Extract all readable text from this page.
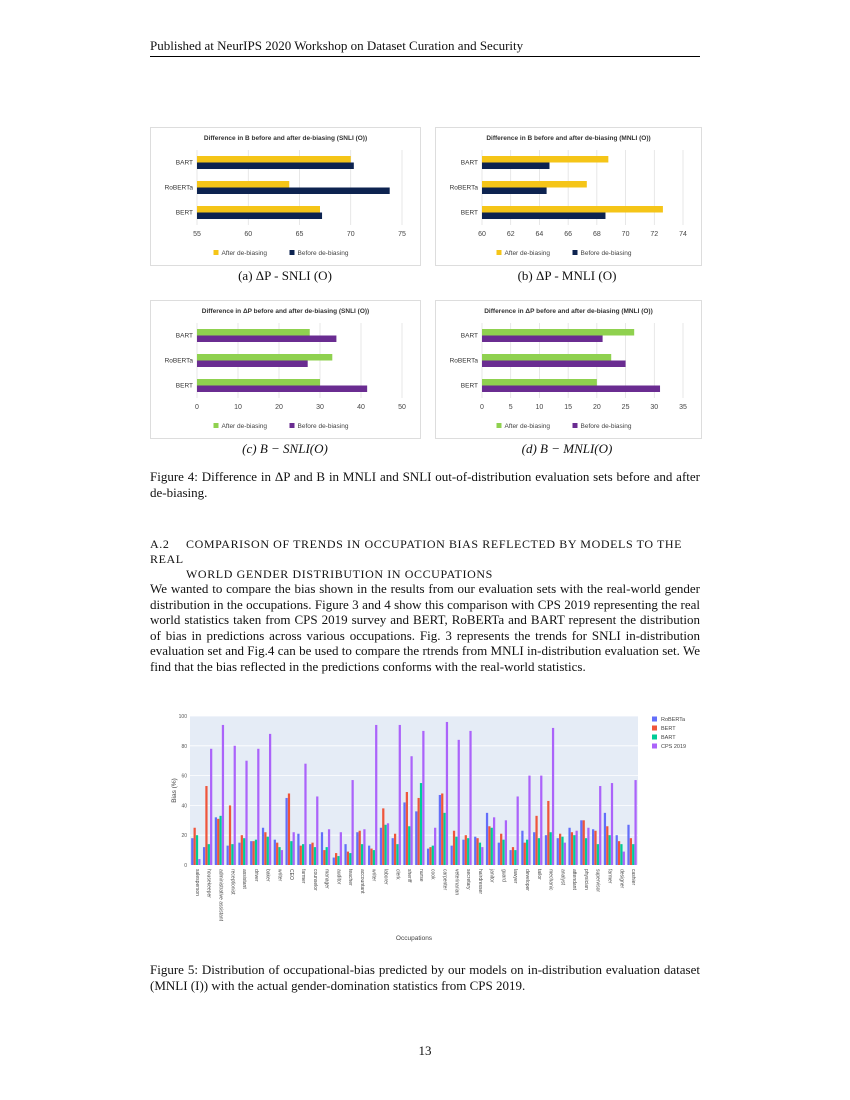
Published at NeurIPS 2020 Workshop on Dataset Curation and Security
Difference in B before and after de-biasing (SNLI (O))
55	60	65	70	75
BART
RoBERTa
BERT
After de-biasing	Before de-biasing
Difference in B before and after de-biasing (MNLI (O))
60	62	64	66	68	70	72	74
BART
RoBERTa
BERT
After de-biasing	Before de-biasing
(a) ΔP - SNLI (O)	(b) ΔP - MNLI (O)
Difference in ΔP before and after de-biasing (SNLI (O))
0	10	20	30	40	50
BART
RoBERTa
BERT
After de-biasing	Before de-biasing
Difference in ΔP before and after de-biasing (MNLI (O))
0	5	10	15	20	25	30	35
BART
RoBERTa
BERT
After de-biasing	Before de-biasing
(c) B − SNLI(O)	(d) B − MNLI(O)
Figure 4: Difference in ΔP and B in MNLI and SNLI out-of-distribution evaluation sets before and after de-biasing.
A.2 COMPARISON OF TRENDS IN OCCUPATION BIAS REFLECTED BY MODELS TO THE REAL
WORLD GENDER DISTRIBUTION IN OCCUPATIONS
We wanted to compare the bias shown in the results from our evaluation sets with the real-world gender distribution in the occupations. Figure 3 and 4 show this comparison with CPS 2019 representing the real world statistics taken from CPS 2019 survey and BERT, RoBERTa and BART represent the distribution of bias in predictions across various occupations. Fig. 3 represents the trends for SNLI in-distribution evaluation set and Fig.4 can be used to compare the rtrends from MNLI in-distribution evaluation set. We find that the bias reflected in the predictions conforms with the real-world statistics.
0
20
40
60
80
100
Bias (%)
salesperson housekeeper administrative assistant receptionist assistant driver baker writer CEO farmer counselor manager auditor teacher accountant writer laborer clerk sheriff nurse cook carpenter veterinarian secretary hairdresser janitor guard lawyer developer tailor mechanic analyst attendant physician supervisor farmer designer cashier
Occupations
RoBERTa
BERT
BART
CPS 2019
Figure 5: Distribution of occupational-bias predicted by our models on in-distribution evaluation dataset (MNLI (I)) with the actual gender-domination statistics from CPS 2019.
13
